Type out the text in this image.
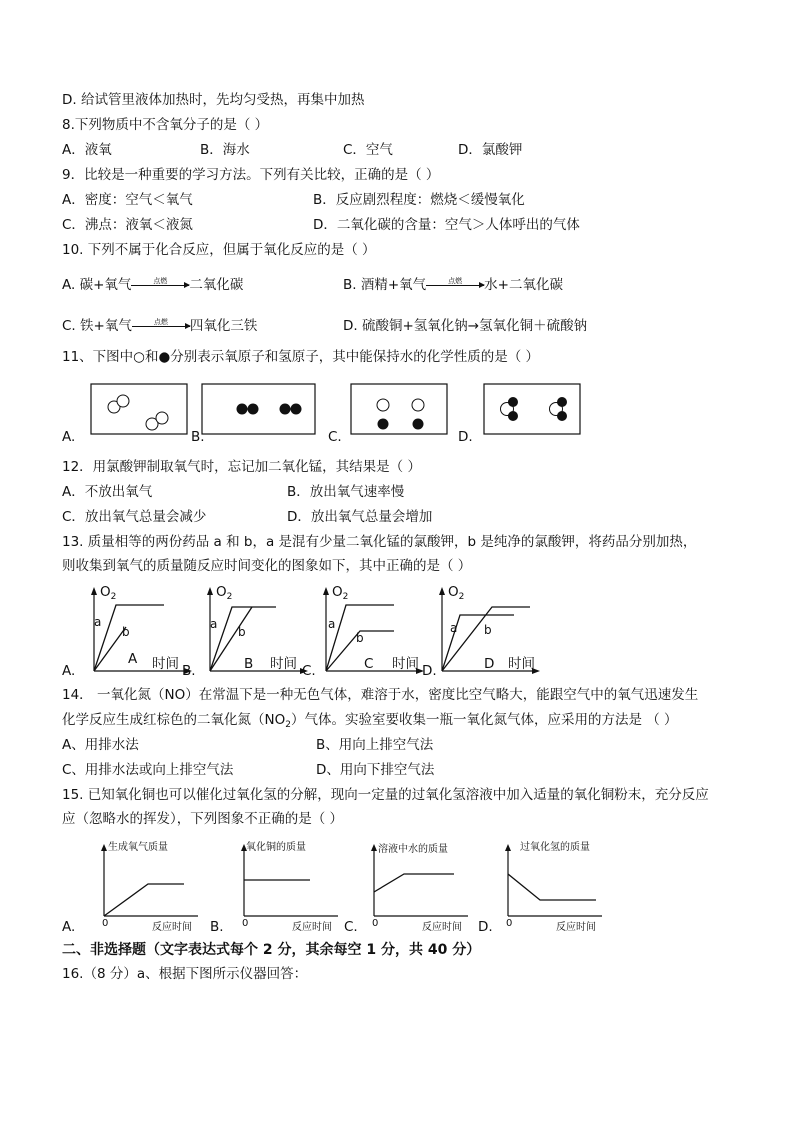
D. 给试管里液体加热时，先均匀受热，再集中加热
8.下列物质中不含氧分子的是（ ）
A．液氧	B．海水	C．空气	D．氯酸钾
9．比较是一种重要的学习方法。下列有关比较，正确的是（ ）
A．密度：空气＜氧气	B．反应剧烈程度：燃烧＜缓慢氧化
C．沸点：液氧＜液氮	D．二氧化碳的含量：空气＞人体呼出的气体
10. 下列不属于化合反应，但属于氧化反应的是（ ）
A. 碳+氧气	点燃	二氧化碳	B. 酒精+氧气	点燃	水+二氧化碳
C. 铁+氧气	点燃	四氧化三铁	D. 硫酸铜+氢氧化钠→氢氧化铜＋硫酸钠
11、下图中○和●分别表示氧原子和氢原子，其中能保持水的化学性质的是（ ）
A.	B.	C.	D.
12．用氯酸钾制取氧气时，忘记加二氧化锰，其结果是（ ）
A．不放出氧气	B．放出氧气速率慢
C．放出氧气总量会减少	D．放出氧气总量会增加
13. 质量相等的两份药品 a 和 b，a 是混有少量二氧化锰的氯酸钾，b 是纯净的氯酸钾，将药品分别加热，
则收集到氧气的质量随反应时间变化的图象如下，其中正确的是（ ）
$O_2$
a
b
$O_2$
a
b
$O_2$
a
b
$O_2$
a b
A 时间	B 时间	C 时间	D 时间
A.	B.	C.	D.
14． 一氧化氮（NO）在常温下是一种无色气体，难溶于水，密度比空气略大，能跟空气中的氧气迅速发生
化学反应生成红棕色的二氧化氮$(NO_2)$气体。实验室要收集一瓶一氧化氮气体，应采用的方法是 （ ）
A、用排水法	B、用向上排空气法
C、用排水法或向上排空气法	D、用向下排空气法
15. 已知氧化铜也可以催化过氧化氢的分解，现向一定量的过氧化氢溶液中加入适量的氧化铜粉末，充分反应
应（忽略水的挥发），下列图象不正确的是（ ）
生成氧气质量
0	反应时间
氧化铜的质量
0	反应时间
溶液中水的质量
0	反应时间
过氧化氢的质量
0	反应时间
A.	B.	C.	D.
二、非选择题（文字表达式每个 2 分，其余每空 1 分，共 40 分）
16.（8 分）a、根据下图所示仪器回答：
